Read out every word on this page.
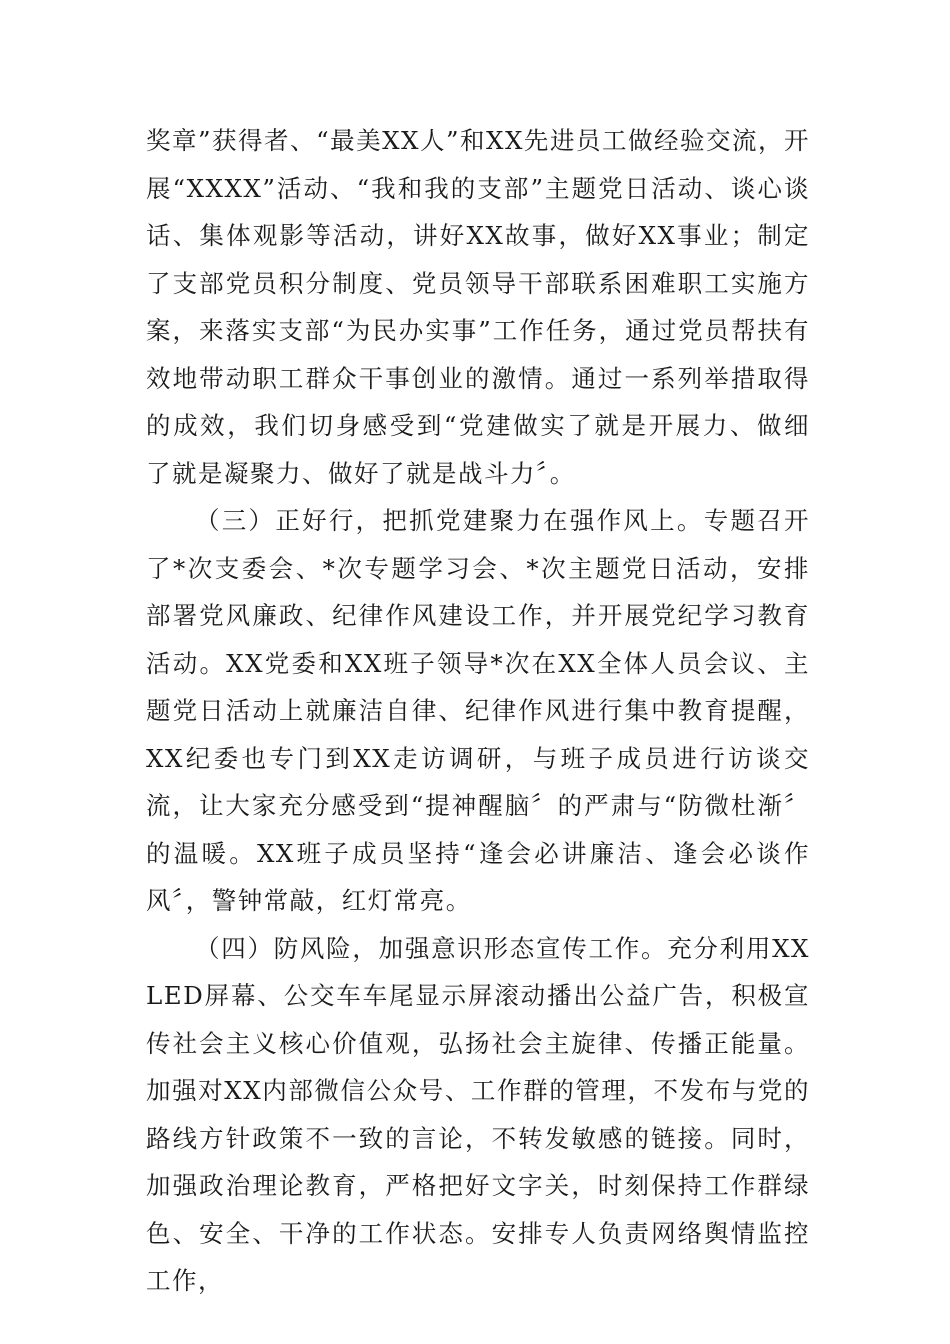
奖章”获得者、“最美XX人”和XX先进员工做经验交流，开展“XXXX”活动、“我和我的支部”主题党日活动、谈心谈话、集体观影等活动，讲好XX故事，做好XX事业；制定了支部党员积分制度、党员领导干部联系困难职工实施方案，来落实支部“为民办实事”工作任务，通过党员帮扶有效地带动职工群众干事创业的激情。通过一系列举措取得的成效，我们切身感受到“党建做实了就是开展力、做细了就是凝聚力、做好了就是战斗力〞。

（三）正好行，把抓党建聚力在强作风上。专题召开了*次支委会、*次专题学习会、*次主题党日活动，安排部署党风廉政、纪律作风建设工作，并开展党纪学习教育活动。XX党委和XX班子领导*次在XX全体人员会议、主题党日活动上就廉洁自律、纪律作风进行集中教育提醒，XX纪委也专门到XX走访调研，与班子成员进行访谈交流，让大家充分感受到“提神醒脑〞的严肃与“防微杜渐〞的温暖。XX班子成员坚持“逢会必讲廉洁、逢会必谈作风〞，警钟常敲，红灯常亮。

（四）防风险，加强意识形态宣传工作。充分利用XXLED屏幕、公交车车尾显示屏滚动播出公益广告，积极宣传社会主义核心价值观，弘扬社会主旋律、传播正能量。加强对XX内部微信公众号、工作群的管理，不发布与党的路线方针政策不一致的言论，不转发敏感的链接。同时，加强政治理论教育，严格把好文字关，时刻保持工作群绿色、安全、干净的工作状态。安排专人负责网络舆情监控工作，
